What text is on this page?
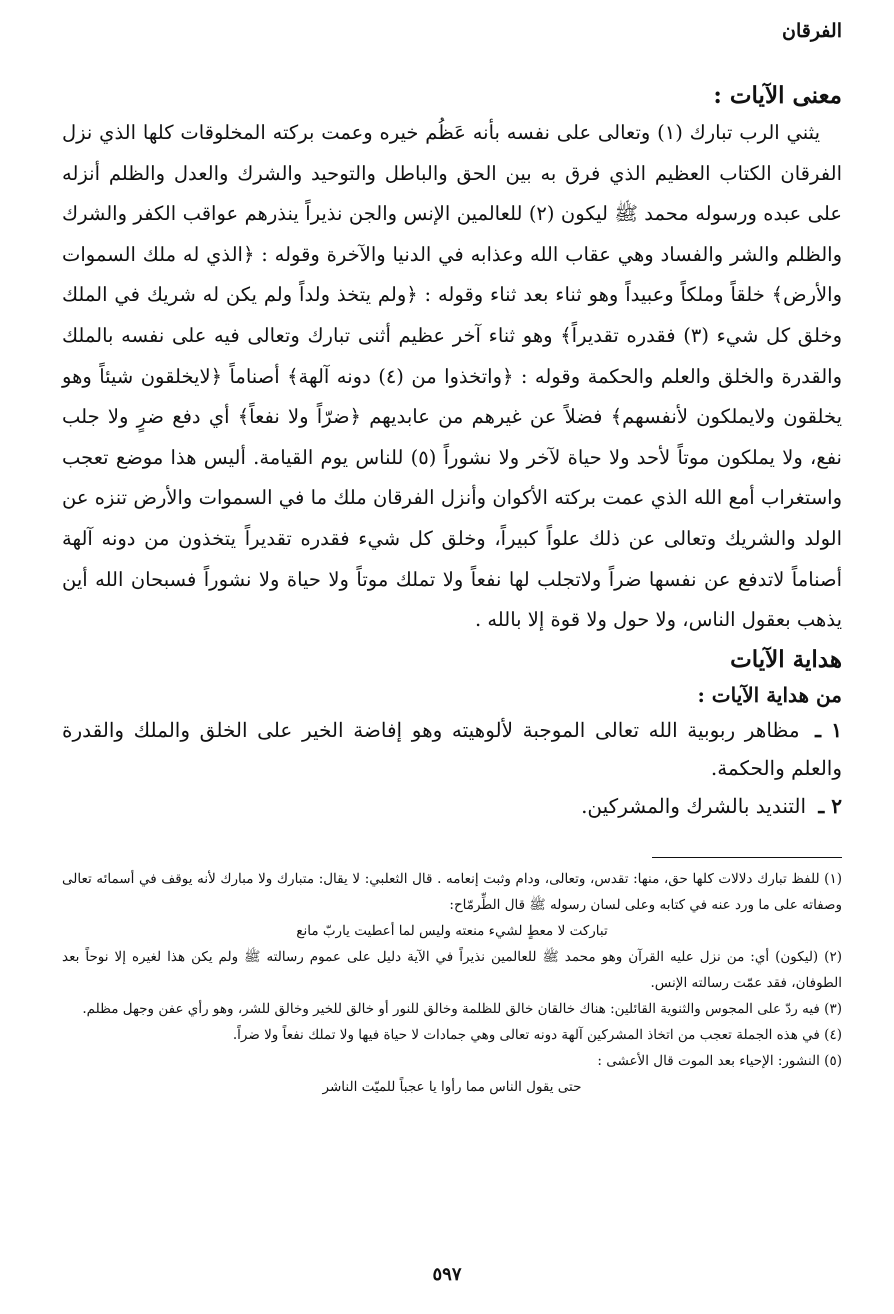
الفرقان
معنى الآيات :

يثني الرب تبارك (١) وتعالى على نفسه بأنه عَظُم خيره وعمت بركته المخلوقات كلها الذي نزل الفرقان الكتاب العظيم الذي فرق به بين الحق والباطل والتوحيد والشرك والعدل والظلم أنزله على عبده ورسوله محمد ﷺ ليكون (٢) للعالمين الإنس والجن نذيراً ينذرهم عواقب الكفر والشرك والظلم والشر والفساد وهي عقاب الله وعذابه في الدنيا والآخرة وقوله : ﴿الذي له ملك السموات والأرض﴾ خلقاً وملكاً وعبيداً وهو ثناء بعد ثناء وقوله : ﴿ولم يتخذ ولداً ولم يكن له شريك في الملك وخلق كل شيء (٣) فقدره تقديراً﴾ وهو ثناء آخر عظيم أثنى تبارك وتعالى فيه على نفسه بالملك والقدرة والخلق والعلم والحكمة وقوله : ﴿واتخذوا من (٤) دونه آلهة﴾ أصناماً ﴿لايخلقون شيئاً وهو يخلقون ولايملكون لأنفسهم﴾ فضلاً عن غيرهم من عابديهم ﴿ضرّاً ولا نفعاً﴾ أي دفع ضرٍ ولا جلب نفع، ولا يملكون موتاً لأحد ولا حياة لآخر ولا نشوراً (٥) للناس يوم القيامة. أليس هذا موضع تعجب واستغراب أمع الله الذي عمت بركته الأكوان وأنزل الفرقان ملك ما في السموات والأرض تنزه عن الولد والشريك وتعالى عن ذلك علواً كبيراً، وخلق كل شيء فقدره تقديراً يتخذون من دونه آلهة أصناماً لاتدفع عن نفسها ضراً ولاتجلب لها نفعاً ولا تملك موتاً ولا حياة ولا نشوراً فسبحان الله أين يذهب بعقول الناس، ولا حول ولا قوة إلا بالله .

هداية الآيات
من هداية الآيات :
١ ـ مظاهر ربوبية الله تعالى الموجبة لألوهيته وهو إفاضة الخير على الخلق والملك والقدرة والعلم والحكمة.
٢ ـ التنديد بالشرك والمشركين.

(١) للفظ تبارك دلالات كلها حق، منها: تقدس، وتعالى، ودام وثبت إنعامه . قال الثعلبي: لا يقال: متبارك ولا مبارك لأنه يوقف في أسمائه تعالى وصفاته على ما ورد عنه في كتابه وعلى لسان رسوله ﷺ قال الطِّرمّاح:

تباركت لا معطٍ لشيء منعته وليس لما أعطيت ياربّ مانع

(٢) (ليكون) أي: من نزل عليه القرآن وهو محمد ﷺ للعالمين نذيراً في الآية دليل على عموم رسالته ﷺ ولم يكن هذا لغيره إلا نوحاً بعد الطوفان، فقد عمّت رسالته الإنس.

(٣) فيه ردّ على المجوس والثنوية القائلين: هناك خالقان خالق للظلمة وخالق للنور أو خالق للخير وخالق للشر، وهو رأي عفن وجهل مظلم.

(٤) في هذه الجملة تعجب من اتخاذ المشركين آلهة دونه تعالى وهي جمادات لا حياة فيها ولا تملك نفعاً ولا ضراً.

(٥) النشور: الإحياء بعد الموت قال الأعشى :

حتى يقول الناس مما رأوا يا عجباً للميّت الناشر

٥٩٧
